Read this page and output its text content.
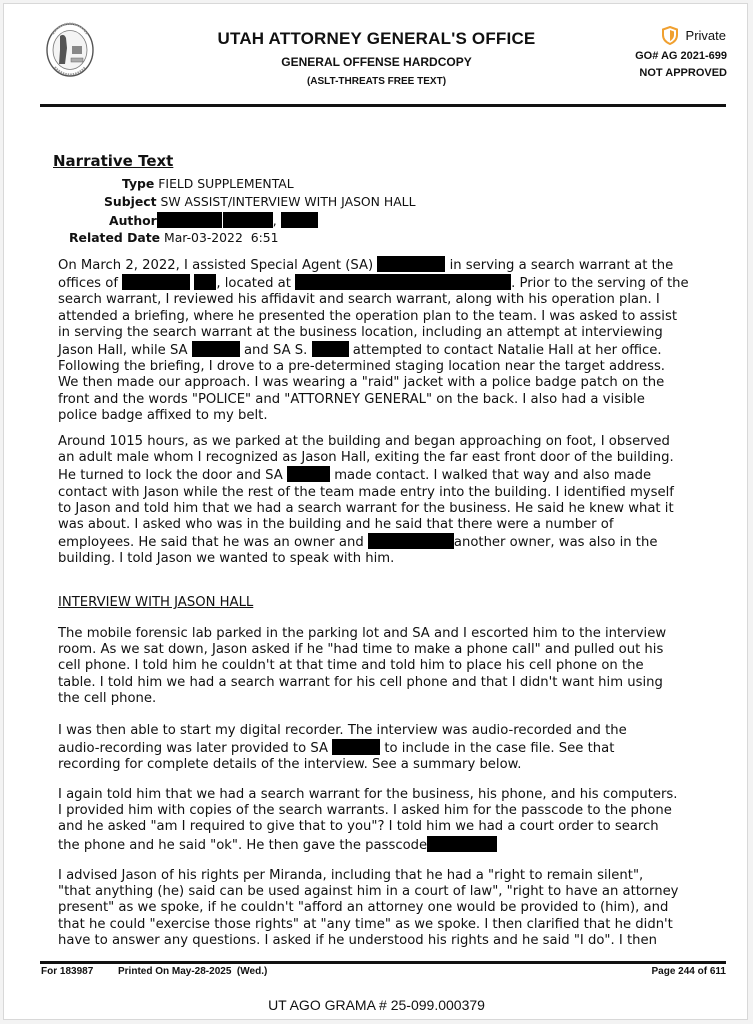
UTAH ATTORNEY GENERAL'S OFFICE
GENERAL OFFENSE HARDCOPY
(ASLT-THREATS FREE TEXT)
Private
GO# AG 2021-699
NOT APPROVED
Narrative Text
Type FIELD SUPPLEMENTAL
Subject SW ASSIST/INTERVIEW WITH JASON HALL
Author	,
Related Date Mar-03-2022  6:51
On March 2, 2022, I assisted Special Agent (SA)	in serving a search warrant at the
offices of	, located at	. Prior to the serving of the
search warrant, I reviewed his affidavit and search warrant, along with his operation plan. I
attended a briefing, where he presented the operation plan to the team. I was asked to assist
in serving the search warrant at the business location, including an attempt at interviewing
Jason Hall, while SA	and SA S.	attempted to contact Natalie Hall at her office.
Following the briefing, I drove to a pre-determined staging location near the target address.
We then made our approach. I was wearing a "raid" jacket with a police badge patch on the
front and the words "POLICE" and "ATTORNEY GENERAL" on the back. I also had a visible
police badge affixed to my belt.
Around 1015 hours, as we parked at the building and began approaching on foot, I observed
an adult male whom I recognized as Jason Hall, exiting the far east front door of the building.
He turned to lock the door and SA	made contact. I walked that way and also made
contact with Jason while the rest of the team made entry into the building. I identified myself
to Jason and told him that we had a search warrant for the business. He said he knew what it
was about. I asked who was in the building and he said that there were a number of
employees. He said that he was an owner and	another owner, was also in the
building. I told Jason we wanted to speak with him.
INTERVIEW WITH JASON HALL
The mobile forensic lab parked in the parking lot and SA and I escorted him to the interview
room. As we sat down, Jason asked if he "had time to make a phone call" and pulled out his
cell phone. I told him he couldn't at that time and told him to place his cell phone on the
table. I told him we had a search warrant for his cell phone and that I didn't want him using
the cell phone.
I was then able to start my digital recorder. The interview was audio-recorded and the
audio-recording was later provided to SA	to include in the case file. See that
recording for complete details of the interview. See a summary below.
I again told him that we had a search warrant for the business, his phone, and his computers.
I provided him with copies of the search warrants. I asked him for the passcode to the phone
and he asked "am I required to give that to you"? I told him we had a court order to search
the phone and he said "ok". He then gave the passcode
I advised Jason of his rights per Miranda, including that he had a "right to remain silent",
"that anything (he) said can be used against him in a court of law", "right to have an attorney
present" as we spoke, if he couldn't "afford an attorney one would be provided to (him), and
that he could "exercise those rights" at "any time" as we spoke. I then clarified that he didn't
have to answer any questions. I asked if he understood his rights and he said "I do". I then
For 183987 Printed On May-28-2025  (Wed.)	Page 244 of 611
UT AGO GRAMA # 25-099.000379
